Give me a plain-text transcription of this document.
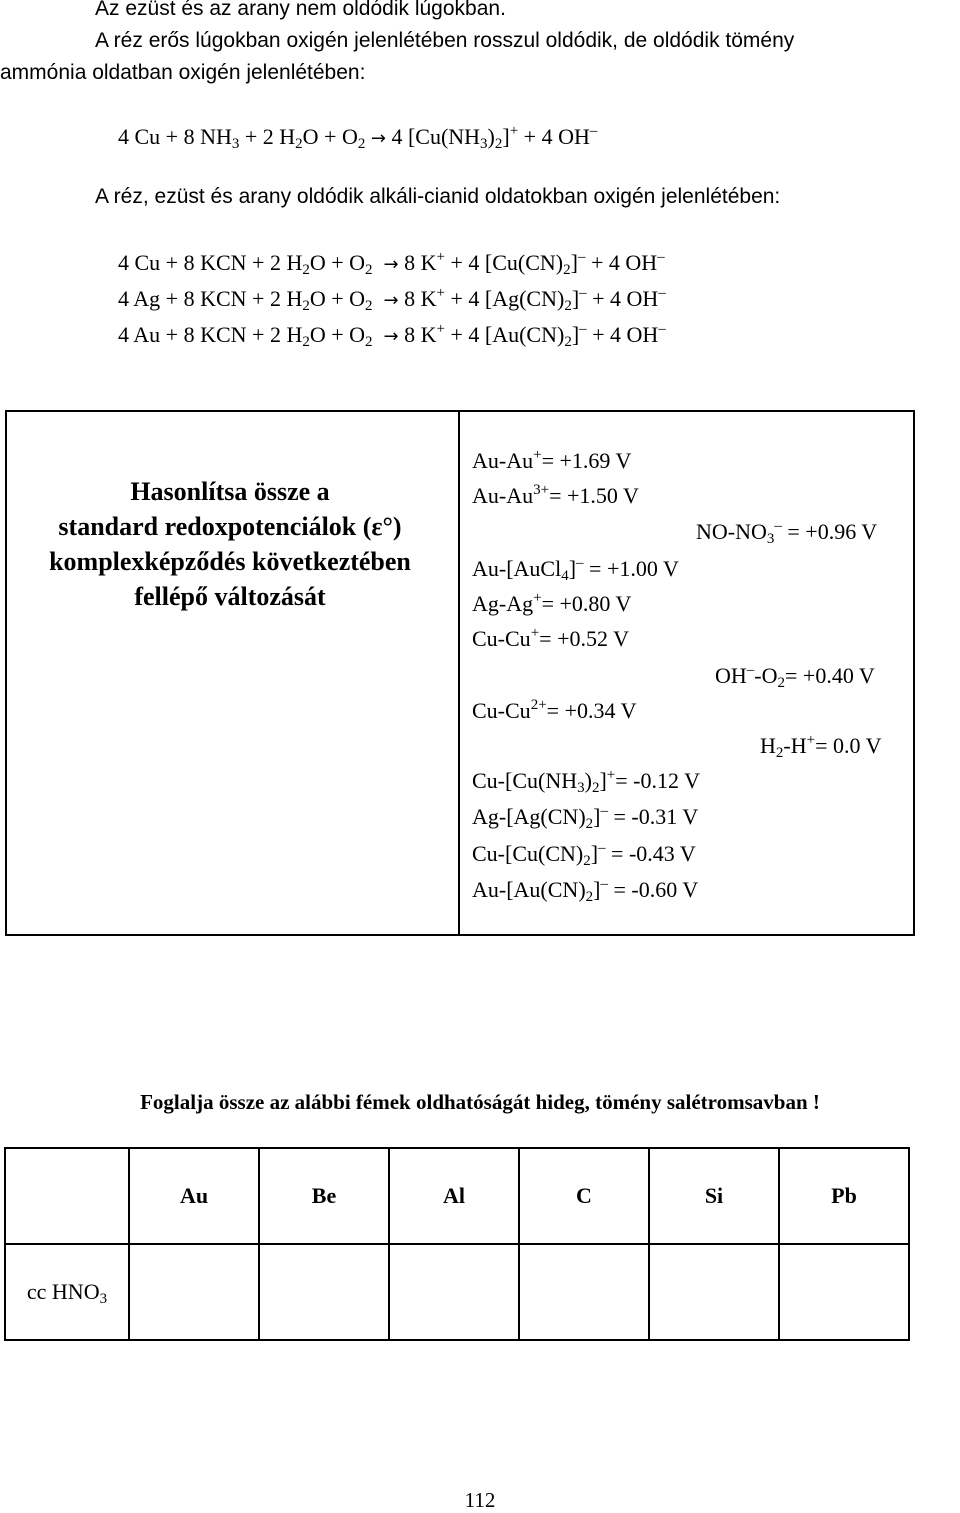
Az ezüst és az arany nem oldódik lúgokban.
A réz erős lúgokban oxigén jelenlétében rosszul oldódik, de oldódik tömény
ammónia oldatban oxigén jelenlétében:
4 Cu + 8 $NH_3 + 2$ $H_2O + O_2 \to 4$ $[Cu(NH_3)_2]^+ + 4$ OH–
A réz, ezüst és arany oldódik alkáli-cianid oldatokban oxigén jelenlétében:
4 Cu + 8 KCN + 2 $H_2O + O_2 \to 8$ K+ + 4 $[Cu(CN)_2]^- + 4$ OH–
4 Ag + 8 KCN + 2 $H_2O + O_2 \to 8$ K+ + 4 $[Ag(CN)_2]^- + 4$ OH–
4 Au + 8 KCN + 2 $H_2O + O_2 \to 8$ K+ + 4 $[Au(CN)_2]^- + 4$ OH–
Hasonlítsa össze a
standard redoxpotenciálok (ε°)
komplexképződés következtében
fellépő változását
Au-Au+= +1.69 V
$Au-Au^{3+}= +1.50$ V
$NO-NO_3^- = +0.96$ V
Au-[AuCl$_4$]– = +1.00 V
Ag-Ag+= +0.80 V
Cu-Cu+= +0.52 V
$OH^--O_2= +0.40$ V
$Cu-Cu^{2+}= +0.34$ V
$H_2-H^+= 0.0$ V
$Cu-[Cu(NH_3)_2]^+= -0.12$ V
$Ag-[Ag(CN)_2]^- = -0.31$ V
$Cu-[Cu(CN)_2]^- = -0.43$ V
$Au-[Au(CN)_2]^- = -0.60$ V
Foglalja össze az alábbi fémek oldhatóságát hideg, tömény salétromsavban !
	Au	Be	Al	C	Si	Pb
cc $HNO_3$						
112
